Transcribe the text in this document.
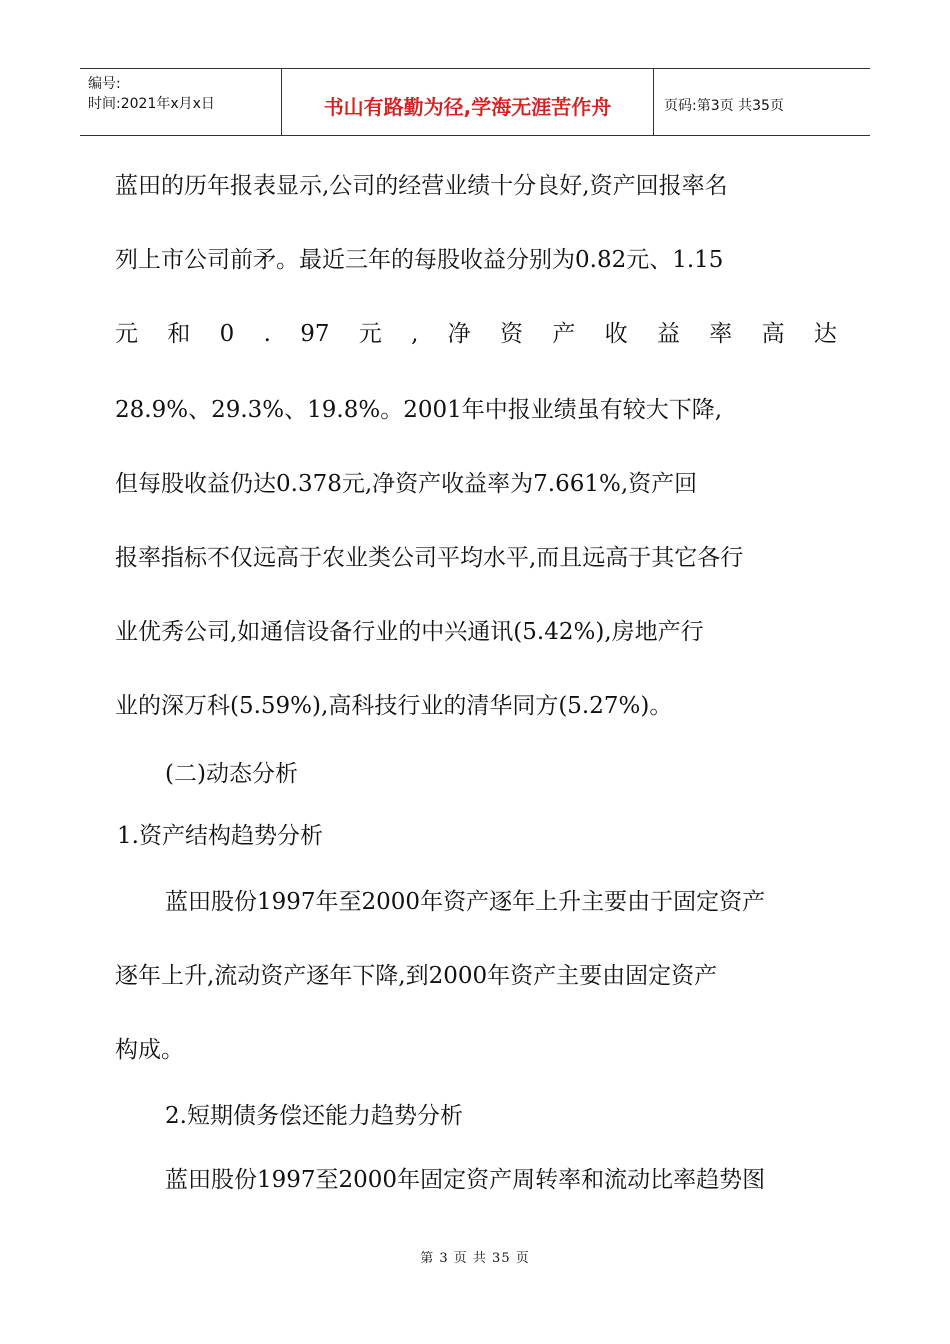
编号:
时间:2021年x月x日	书山有路勤为径,学海无涯苦作舟	页码:第3页 共35页
蓝田的历年报表显示,公司的经营业绩十分良好,资产回报率名
列上市公司前矛。最近三年的每股收益分别为0.82元、1.15
元 和 0 . 97 元 , 净 资 产 收 益 率 高 达
28.9%、29.3%、19.8%。2001年中报业绩虽有较大下降,
但每股收益仍达0.378元,净资产收益率为7.661%,资产回
报率指标不仅远高于农业类公司平均水平,而且远高于其它各行
业优秀公司,如通信设备行业的中兴通讯(5.42%),房地产行
业的深万科(5.59%),高科技行业的清华同方(5.27%)。
(二)动态分析
1.资产结构趋势分析
蓝田股份1997年至2000年资产逐年上升主要由于固定资产
逐年上升,流动资产逐年下降,到2000年资产主要由固定资产
构成。
2.短期债务偿还能力趋势分析
蓝田股份1997至2000年固定资产周转率和流动比率趋势图
第 3 页 共 35 页
